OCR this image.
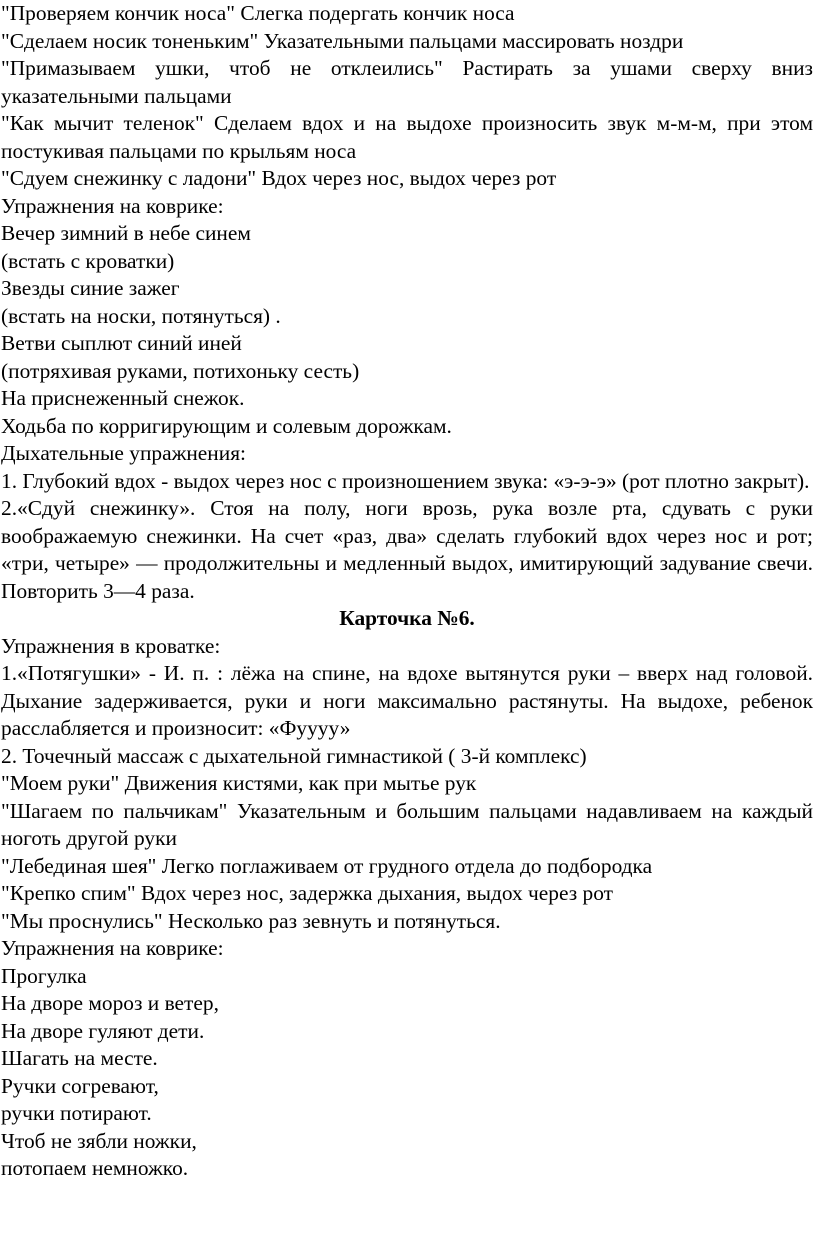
"Проверяем кончик носа" Слегка подергать кончик носа
"Сделаем носик тоненьким" Указательными пальцами массировать ноздри
"Примазываем ушки, чтоб не отклеились" Растирать за ушами сверху вниз указательными пальцами
"Как мычит теленок" Сделаем вдох и на выдохе произносить звук м-м-м, при этом постукивая пальцами по крыльям носа
"Сдуем снежинку с ладони" Вдох через нос, выдох через рот
Упражнения на коврике:
Вечер зимний в небе синем
(встать с кроватки)
Звезды синие зажег
(встать на носки, потянуться) .
Ветви сыплют синий иней
(потряхивая руками, потихоньку сесть)
На приснеженный снежок.
Ходьба по корригирующим и солевым дорожкам.
Дыхательные упражнения:
1. Глубокий вдох - выдох через нос с произношением звука: «э-э-э» (рот плотно закрыт).
2.«Сдуй снежинку». Стоя на полу, ноги врозь, рука возле рта, сдувать с руки воображаемую снежинки. На счет «раз, два» сделать глубокий вдох через нос и рот; «три, четыре» — продолжительны и медленный выдох, имитирующий задувание свечи. Повторить 3—4 раза.
Карточка №6.
Упражнения в кроватке:
1.«Потягушки» - И. п. : лёжа на спине, на вдохе вытянутся руки – вверх над головой. Дыхание задерживается, руки и ноги максимально растянуты. На выдохе, ребенок расслабляется и произносит: «Фуууу»
2. Точечный массаж с дыхательной гимнастикой ( 3-й комплекс)
"Моем руки" Движения кистями, как при мытье рук
"Шагаем по пальчикам" Указательным и большим пальцами надавливаем на каждый ноготь другой руки
"Лебединая шея" Легко поглаживаем от грудного отдела до подбородка
"Крепко спим" Вдох через нос, задержка дыхания, выдох через рот
"Мы проснулись" Несколько раз зевнуть и потянуться.
Упражнения на коврике:
Прогулка
На дворе мороз и ветер,
На дворе гуляют дети.
Шагать на месте.
Ручки согревают,
ручки потирают.
Чтоб не зябли ножки,
потопаем немножко.
